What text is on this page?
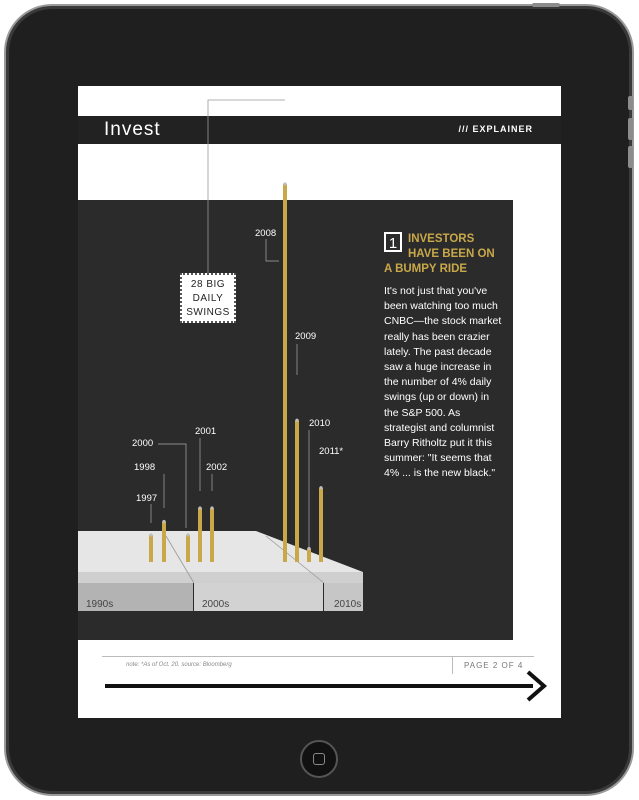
Invest	/// EXPLAINER
1990s	2000s	2010s
1997
1998
2000
2001
2002
2008
2009
2010
2011*
28 BIG
DAILY
SWINGS
1 INVESTORS
HAVE BEEN ON
A BUMPY RIDE
It's not just that you've
been watching too much
CNBC—the stock market
really has been crazier
lately. The past decade
saw a huge increase in
the number of 4% daily
swings (up or down) in
the S&P 500. As
strategist and columnist
Barry Ritholtz put it this
summer: "It seems that
4% ... is the new black."
note: *As of Oct. 20. source: Bloomberg	PAGE 2 OF 4
